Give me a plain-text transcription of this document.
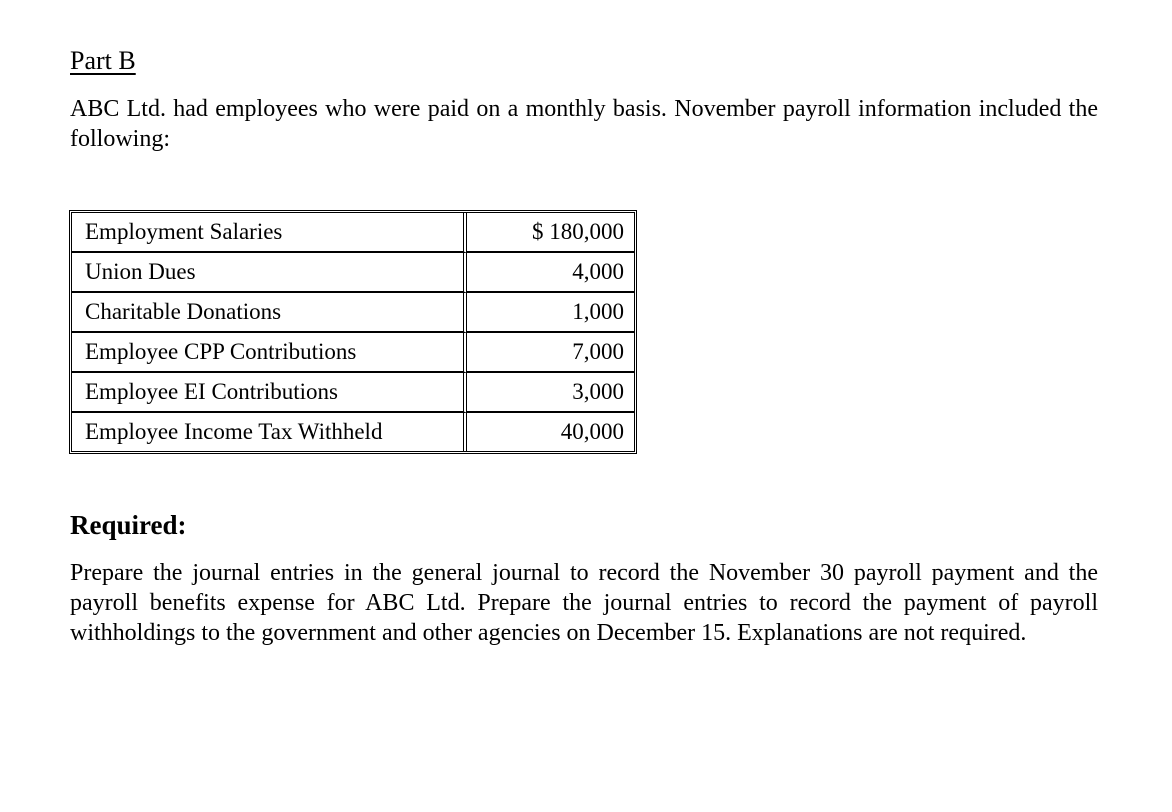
Part B
ABC Ltd. had employees who were paid on a monthly basis. November payroll information included the following:
Employment Salaries	$ 180,000
Union Dues	4,000
Charitable Donations	1,000
Employee CPP Contributions	7,000
Employee EI Contributions	3,000
Employee Income Tax Withheld	40,000
Required:
Prepare the journal entries in the general journal to record the November 30 payroll payment and the payroll benefits expense for ABC Ltd. Prepare the journal entries to record the payment of payroll withholdings to the government and other agencies on December 15. Explanations are not required.
